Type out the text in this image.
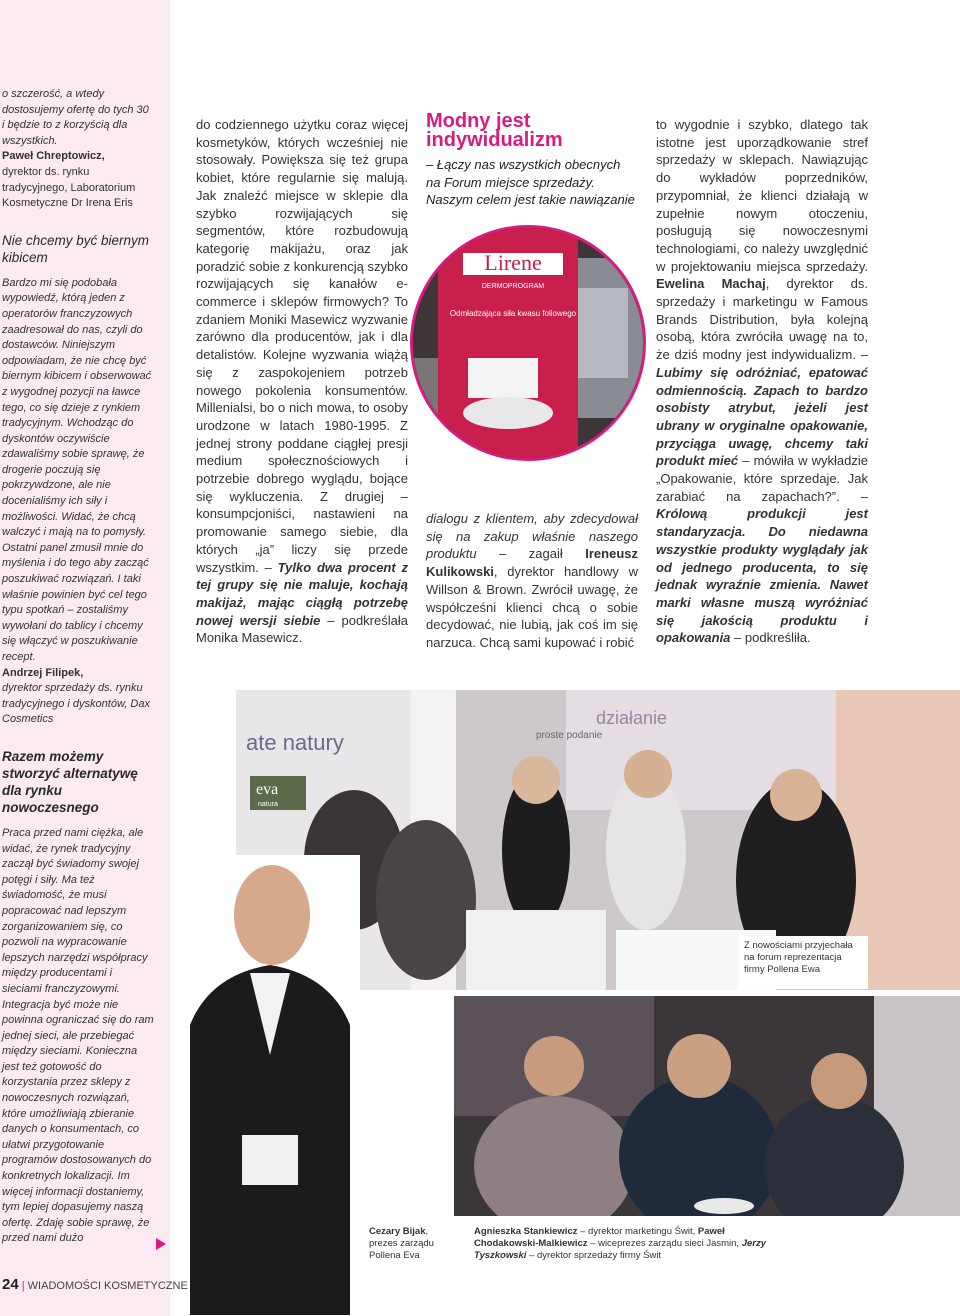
o szczerość, a wtedy dostosujemy ofertę do tych 30 i będzie to z korzyścią dla wszystkich.

Paweł Chreptowicz,

dyrektor ds. rynku tradycyjnego, Laboratorium Kosmetyczne Dr Irena Eris

Nie chcemy być biernym kibicem

Bardzo mi się podobała wypowiedź, którą jeden z operatorów franczyzowych zaadresował do nas, czyli do dostawców. Niniejszym odpowiadam, że nie chcę być biernym kibicem i obserwować z wygodnej pozycji na ławce tego, co się dzieje z rynkiem tradycyjnym. Wchodząc do dyskontów oczywiście zdawaliśmy sobie sprawę, że drogerie poczują się pokrzywdzone, ale nie docenialiśmy ich siły i możliwości. Widać, że chcą walczyć i mają na to pomysły. Ostatni panel zmusił mnie do myślenia i do tego aby zacząć poszukiwać rozwiązań. I taki właśnie powinien być cel tego typu spotkań – zostaliśmy wywołani do tablicy i chcemy się włączyć w poszukiwanie recept.

Andrzej Filipek,

dyrektor sprzedaży ds. rynku tradycyjnego i dyskontów, Dax Cosmetics

Razem możemy stworzyć alternatywę dla rynku nowoczesnego

Praca przed nami ciężka, ale widać, że rynek tradycyjny zaczął być świadomy swojej potęgi i siły. Ma też świadomość, że musi popracować nad lepszym zorganizowaniem się, co pozwoli na wypracowanie lepszych narzędzi współpracy między producentami i sieciami franczyzowymi. Integracja być może nie powinna ograniczać się do ram jednej sieci, ale przebiegać między sieciami. Konieczna jest też gotowość do korzystania przez sklepy z nowoczesnych rozwiązań, które umożliwiają zbieranie danych o konsumentach, co ułatwi przygotowanie programów dostosowanych do konkretnych lokalizacji. Im więcej informacji dostaniemy, tym lepiej dopasujemy naszą ofertę. Zdaję sobie sprawę, że przed nami dużo

do codziennego użytku coraz więcej kosmetyków, których wcześniej nie stosowały. Powiększa się też grupa kobiet, które regularnie się malują. Jak znaleźć miejsce w sklepie dla szybko rozwijających się segmentów, które rozbudowują kategorię makijażu, oraz jak poradzić sobie z konkurencją szybko rozwijających się kanałów e-commerce i sklepów firmowych? To zdaniem Moniki Masewicz wyzwanie zarówno dla producentów, jak i dla detalistów. Kolejne wyzwania wiążą się z zaspokojeniem potrzeb nowego pokolenia konsumentów. Millenialsi, bo o nich mowa, to osoby urodzone w latach 1980-1995. Z jednej strony poddane ciągłej presji medium społecznościowych i potrzebie dobrego wyglądu, bojące się wykluczenia. Z drugiej – konsumpcjoniści, nastawieni na promowanie samego siebie, dla których „ja” liczy się przede wszystkim. – Tylko dwa procent z tej grupy się nie maluje, kochają makijaż, mając ciągłą potrzebę nowej wersji siebie – podkreślała Monika Masewicz.

Modny jest indywidualizm

– Łączy nas wszystkich obecnych na Forum miejsce sprzedaży. Naszym celem jest takie nawiązanie

Lirene
DERMOPROGRAM
Odmładzająca siła kwasu foliowego

dialogu z klientem, aby zdecydował się na zakup właśnie naszego produktu – zagaił Ireneusz Kulikowski, dyrektor handlowy w Willson & Brown. Zwrócił uwagę, że współcześni klienci chcą o sobie decydować, nie lubią, jak coś im się narzuca. Chcą sami kupować i robić

to wygodnie i szybko, dlatego tak istotne jest uporządkowanie stref sprzedaży w sklepach. Nawiązując do wykładów poprzedników, przypomniał, że klienci działają w zupełnie nowym otoczeniu, posługują się nowoczesnymi technologiami, co należy uwzględnić w projektowaniu miejsca sprzedaży. Ewelina Machaj, dyrektor ds. sprzedaży i marketingu w Famous Brands Distribution, była kolejną osobą, która zwróciła uwagę na to, że dziś modny jest indywidualizm. – Lubimy się odróżniać, epatować odmiennością. Zapach to bardzo osobisty atrybut, jeżeli jest ubrany w oryginalne opakowanie, przyciąga uwagę, chcemy taki produkt mieć – mówiła w wykładzie „Opakowanie, które sprzedaje. Jak zarabiać na zapachach?”. – Królową produkcji jest standaryzacja. Do niedawna wszystkie produkty wyglądały jak od jednego producenta, to się jednak wyraźnie zmienia. Nawet marki własne muszą wyróżniać się jakością produktu i opakowania – podkreśliła.

ate natury
eva
natura
działanie
proste podanie
Z nowościami przyjechała na forum reprezentacja firmy Pollena Ewa
Cezary Bijak,
prezes zarządu Pollena Eva
Agnieszka Stankiewicz – dyrektor marketingu Świt, Paweł Chodakowski-Malkiewicz – wiceprezes zarządu sieci Jasmin, Jerzy Tyszkowski – dyrektor sprzedaży firmy Świt
24 | WIADOMOŚCI KOSMETYCZNE
